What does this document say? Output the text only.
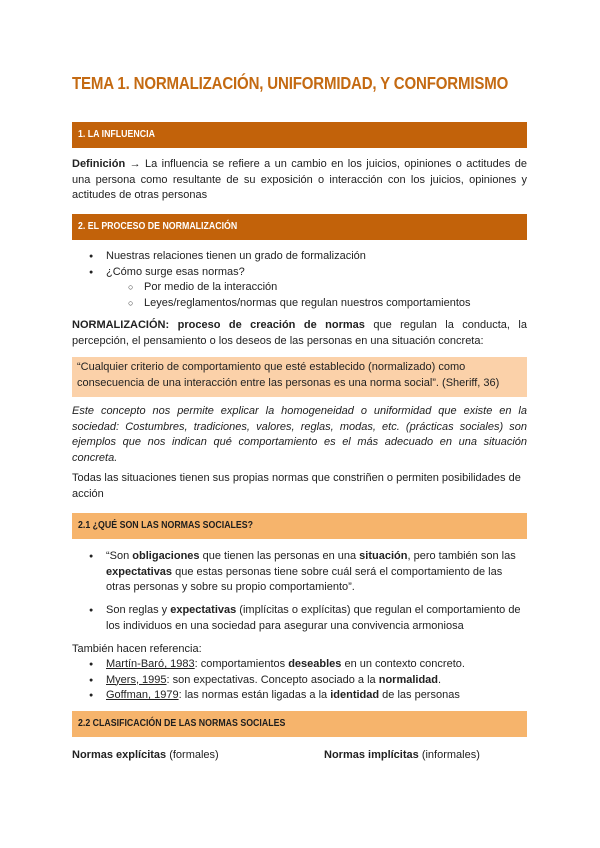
TEMA 1. NORMALIZACIÓN, UNIFORMIDAD, Y CONFORMISMO
1. LA INFLUENCIA
Definición → La influencia se refiere a un cambio en los juicios, opiniones o actitudes de una persona como resultante de su exposición o interacción con los juicios, opiniones y actitudes de otras personas
2. EL PROCESO DE NORMALIZACIÓN
● Nuestras relaciones tienen un grado de formalización
● ¿Cómo surge esas normas?
○ Por medio de la interacción
○ Leyes/reglamentos/normas que regulan nuestros comportamientos
NORMALIZACIÓN: proceso de creación de normas que regulan la conducta, la percepción, el pensamiento o los deseos de las personas en una situación concreta:
“Cualquier criterio de comportamiento que esté establecido (normalizado) como consecuencia de una interacción entre las personas es una norma social”. (Sheriff, 36)
Este concepto nos permite explicar la homogeneidad o uniformidad que existe en la sociedad: Costumbres, tradiciones, valores, reglas, modas, etc. (prácticas sociales) son ejemplos que nos indican qué comportamiento es el más adecuado en una situación concreta.
Todas las situaciones tienen sus propias normas que constriñen o permiten posibilidades de acción
2.1 ¿QUÉ SON LAS NORMAS SOCIALES?
● “Son obligaciones que tienen las personas en una situación, pero también son las expectativas que estas personas tiene sobre cuál será el comportamiento de las otras personas y sobre su propio comportamiento”.
● Son reglas y expectativas (implícitas o explícitas) que regulan el comportamiento de los individuos en una sociedad para asegurar una convivencia armoniosa
También hacen referencia:
● Martín-Baró, 1983: comportamientos deseables en un contexto concreto.
● Myers, 1995: son expectativas. Concepto asociado a la normalidad.
● Goffman, 1979: las normas están ligadas a la identidad de las personas
2.2 CLASIFICACIÓN DE LAS NORMAS SOCIALES
Normas explícitas (formales)	Normas implícitas (informales)
